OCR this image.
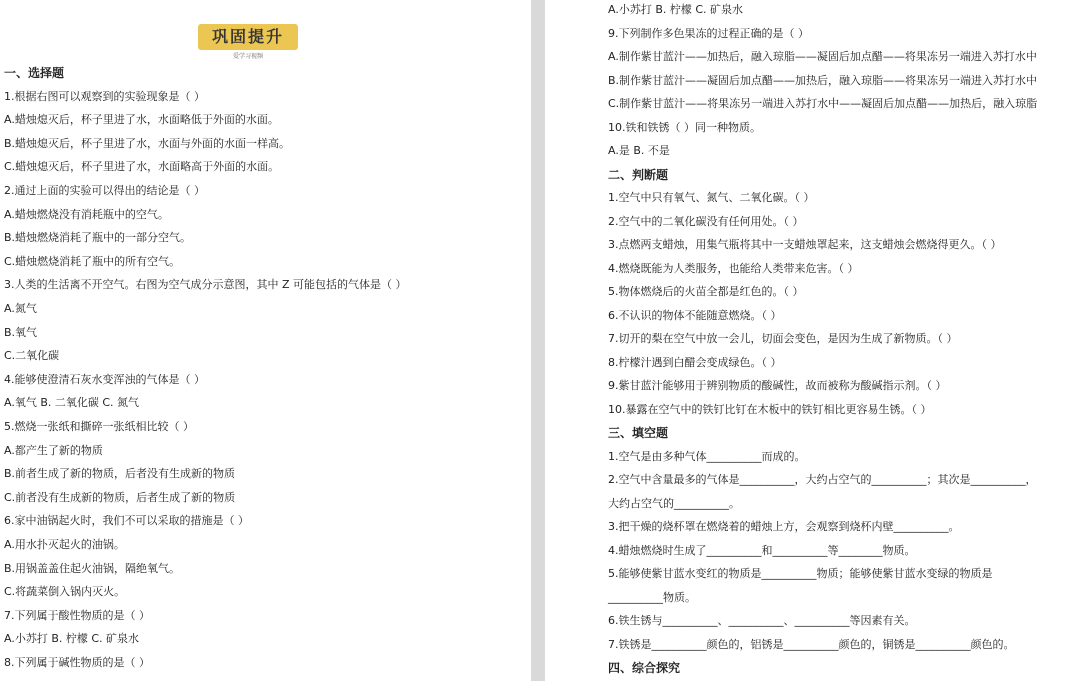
巩固提升
爱学习视频
一、选择题
1.根据右图可以观察到的实验现象是（ ）
A.蜡烛熄灭后，杯子里进了水，水面略低于外面的水面。
B.蜡烛熄灭后，杯子里进了水，水面与外面的水面一样高。
C.蜡烛熄灭后，杯子里进了水，水面略高于外面的水面。
2.通过上面的实验可以得出的结论是（ ）
A.蜡烛燃烧没有消耗瓶中的空气。
B.蜡烛燃烧消耗了瓶中的一部分空气。
C.蜡烛燃烧消耗了瓶中的所有空气。
3.人类的生活离不开空气。右图为空气成分示意图，其中 Z 可能包括的气体是（ ）
A.氮气
B.氧气
C.二氧化碳
4.能够使澄清石灰水变浑浊的气体是（ ）
A.氧气 B. 二氧化碳 C. 氮气
5.燃烧一张纸和撕碎一张纸相比较（ ）
A.都产生了新的物质
B.前者生成了新的物质，后者没有生成新的物质
C.前者没有生成新的物质，后者生成了新的物质
6.家中油锅起火时，我们不可以采取的措施是（ ）
A.用水扑灭起火的油锅。
B.用锅盖盖住起火油锅，隔绝氧气。
C.将蔬菜倒入锅内灭火。
7.下列属于酸性物质的是（ ）
A.小苏打 B. 柠檬 C. 矿泉水
8.下列属于碱性物质的是（ ）
A.小苏打 B. 柠檬 C. 矿泉水
9.下列制作多色果冻的过程正确的是（ ）
A.制作紫甘蓝汁——加热后，融入琼脂——凝固后加点醋——将果冻另一端进入苏打水中
B.制作紫甘蓝汁——凝固后加点醋——加热后，融入琼脂——将果冻另一端进入苏打水中
C.制作紫甘蓝汁——将果冻另一端进入苏打水中——凝固后加点醋——加热后，融入琼脂
10.铁和铁锈（ ）同一种物质。
A.是 B. 不是
二、判断题
1.空气中只有氧气、氮气、二氧化碳。（ ）
2.空气中的二氧化碳没有任何用处。（ ）
3.点燃两支蜡烛，用集气瓶将其中一支蜡烛罩起来，这支蜡烛会燃烧得更久。（ ）
4.燃烧既能为人类服务，也能给人类带来危害。（ ）
5.物体燃烧后的火苗全都是红色的。（ ）
6.不认识的物体不能随意燃烧。（ ）
7.切开的梨在空气中放一会儿，切面会变色，是因为生成了新物质。（ ）
8.柠檬汁遇到白醋会变成绿色。（ ）
9.紫甘蓝汁能够用于辨别物质的酸碱性，故而被称为酸碱指示剂。（ ）
10.暴露在空气中的铁钉比钉在木板中的铁钉相比更容易生锈。（ ）
三、填空题
1.空气是由多种气体__________而成的。
2.空气中含量最多的气体是__________，大约占空气的__________；其次是__________，
大约占空气的__________。
3.把干燥的烧杯罩在燃烧着的蜡烛上方，会观察到烧杯内壁__________。
4.蜡烛燃烧时生成了__________和__________等________物质。
5.能够使紫甘蓝水变红的物质是__________物质；能够使紫甘蓝水变绿的物质是
__________物质。
6.铁生锈与__________、__________、__________等因素有关。
7.铁锈是__________颜色的，铝锈是__________颜色的，铜锈是__________颜色的。
四、综合探究
